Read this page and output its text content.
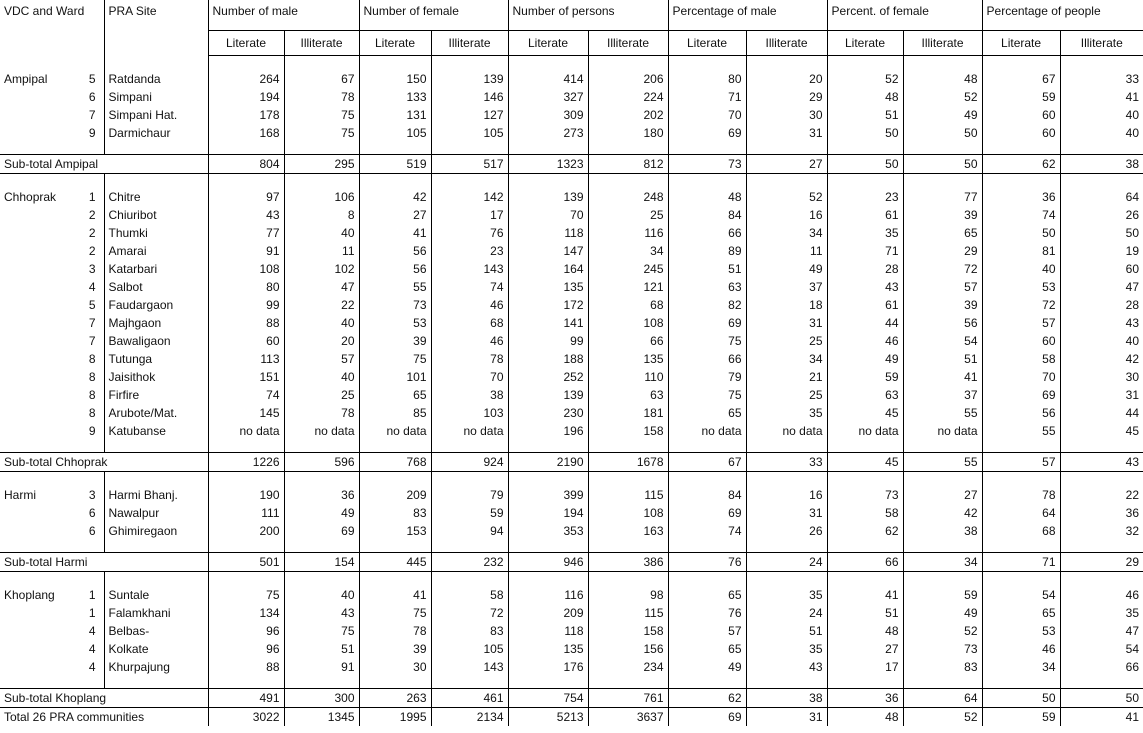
VDC and Ward		PRA Site	Number of male		Number of female		Number of persons		Percentage of male		Percent. of female		Percentage of people	
			Literate	Illiterate	Literate	Illiterate	Literate	Illiterate	Literate	Illiterate	Literate	Illiterate	Literate	Illiterate
Ampipal	5	Ratdanda	264	67	150	139	414	206	80	20	52	48	67	33
	6	Simpani	194	78	133	146	327	224	71	29	48	52	59	41
	7	Simpani Hat.	178	75	131	127	309	202	70	30	51	49	60	40
	9	Darmichaur	168	75	105	105	273	180	69	31	50	50	60	40
Sub-total Ampipal			804	295	519	517	1323	812	73	27	50	50	62	38
Chhoprak	1	Chitre	97	106	42	142	139	248	48	52	23	77	36	64
	2	Chiuribot	43	8	27	17	70	25	84	16	61	39	74	26
	2	Thumki	77	40	41	76	118	116	66	34	35	65	50	50
	2	Amarai	91	11	56	23	147	34	89	11	71	29	81	19
	3	Katarbari	108	102	56	143	164	245	51	49	28	72	40	60
	4	Salbot	80	47	55	74	135	121	63	37	43	57	53	47
	5	Faudargaon	99	22	73	46	172	68	82	18	61	39	72	28
	7	Majhgaon	88	40	53	68	141	108	69	31	44	56	57	43
	7	Bawaligaon	60	20	39	46	99	66	75	25	46	54	60	40
	8	Tutunga	113	57	75	78	188	135	66	34	49	51	58	42
	8	Jaisithok	151	40	101	70	252	110	79	21	59	41	70	30
	8	Firfire	74	25	65	38	139	63	75	25	63	37	69	31
	8	Arubote/Mat.	145	78	85	103	230	181	65	35	45	55	56	44
	9	Katubanse	no data	no data	no data	no data	196	158	no data	no data	no data	no data	55	45
Sub-total Chhoprak			1226	596	768	924	2190	1678	67	33	45	55	57	43
Harmi	3	Harmi Bhanj.	190	36	209	79	399	115	84	16	73	27	78	22
	6	Nawalpur	111	49	83	59	194	108	69	31	58	42	64	36
	6	Ghimiregaon	200	69	153	94	353	163	74	26	62	38	68	32
Sub-total Harmi			501	154	445	232	946	386	76	24	66	34	71	29
Khoplang	1	Suntale	75	40	41	58	116	98	65	35	41	59	54	46
	1	Falamkhani	134	43	75	72	209	115	76	24	51	49	65	35
	4	Belbas-	96	75	78	83	118	158	57	51	48	52	53	47
	4	Kolkate	96	51	39	105	135	156	65	35	27	73	46	54
	4	Khurpajung	88	91	30	143	176	234	49	43	17	83	34	66
Sub-total Khoplang			491	300	263	461	754	761	62	38	36	64	50	50
Total 26 PRA communities			3022	1345	1995	2134	5213	3637	69	31	48	52	59	41
